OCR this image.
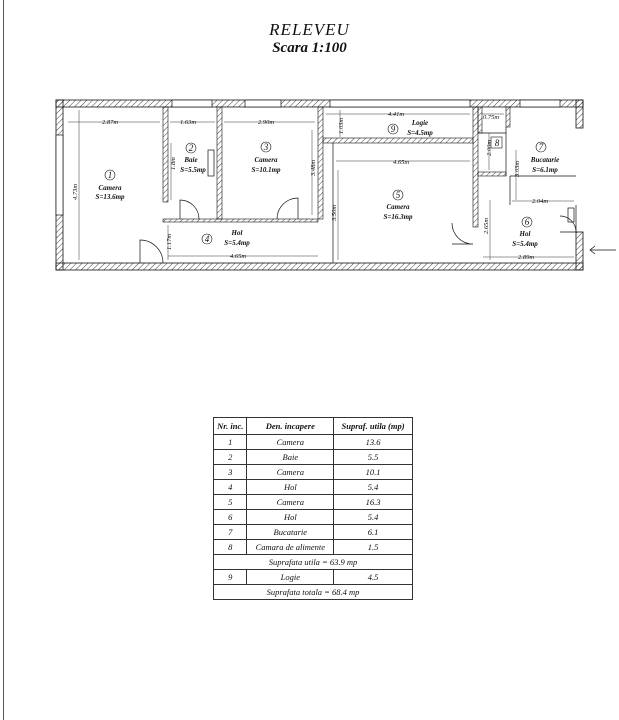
RELEVEU
Scara 1:100
2.87m	1.63m	2.90m
4.41m	0.75m
4.73m
1.8m	3.48m
1.03m
4.65m
2.00m
3.03m
2.04m
3.50m
2.65m
1.17m
4.65m	2.89m
1
2	3
4
5
6
7
8
9
Camera
S=13.6mp
Baie
S=5.5mp
Camera
S=10.1mp
Hol
S=5.4mp
Camera
S=16.3mp
Hol
S=5.4mp
Bucatarie
S=6.1mp
Logie
S=4.5mp
Nr. inc.	Den. incapere	Supraf. utila (mp)
1	Camera	13.6
2	Baie	5.5
3	Camera	10.1
4	Hol	5.4
5	Camera	16.3
6	Hol	5.4
7	Bucatarie	6.1
8	Camara de alimente	1.5
Suprafata utila = 63.9 mp		
9	Logie	4.5
Suprafata totala = 68.4 mp		
